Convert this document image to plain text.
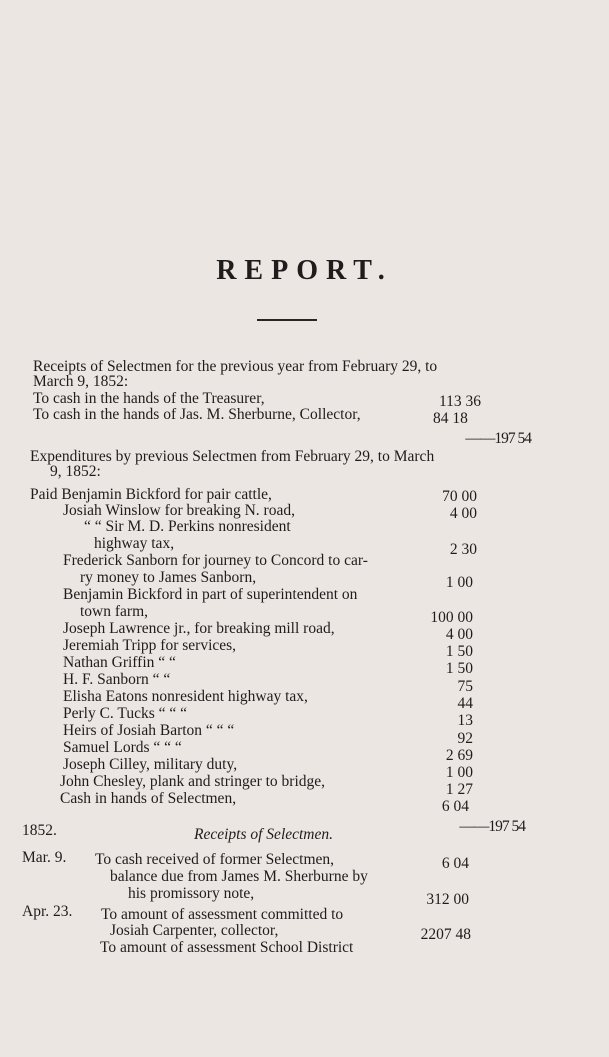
REPORT.
Receipts of Selectmen for the previous year from February 29, to
March 9, 1852:
To cash in the hands of the Treasurer,	113 36
To cash in the hands of Jas. M. Sherburne, Collector,	84 18
——197 54
Expenditures by previous Selectmen from February 29, to March
9, 1852:
Paid Benjamin Bickford for pair cattle,	70 00
Josiah Winslow for breaking N. road,	4 00
“ “ Sir M. D. Perkins nonresident
highway tax,	2 30
Frederick Sanborn for journey to Concord to car-
ry money to James Sanborn,	1 00
Benjamin Bickford in part of superintendent on
town farm,	100 00
Joseph Lawrence jr., for breaking mill road,	4 00
Jeremiah Tripp for services,	1 50
Nathan Griffin “ “	1 50
H. F. Sanborn “ “	75
Elisha Eatons nonresident highway tax,	44
Perly C. Tucks “ “ “	13
Heirs of Josiah Barton “ “ “	92
Samuel Lords “ “ “	2 69
Joseph Cilley, military duty,	1 00
John Chesley, plank and stringer to bridge,	1 27
Cash in hands of Selectmen,	6 04
——197 54
1852.	Receipts of Selectmen.
Mar. 9. To cash received of former Selectmen,	6 04
balance due from James M. Sherburne by
his promissory note,	312 00
Apr. 23. To amount of assessment committed to
Josiah Carpenter, collector,	2207 48
To amount of assessment School District
